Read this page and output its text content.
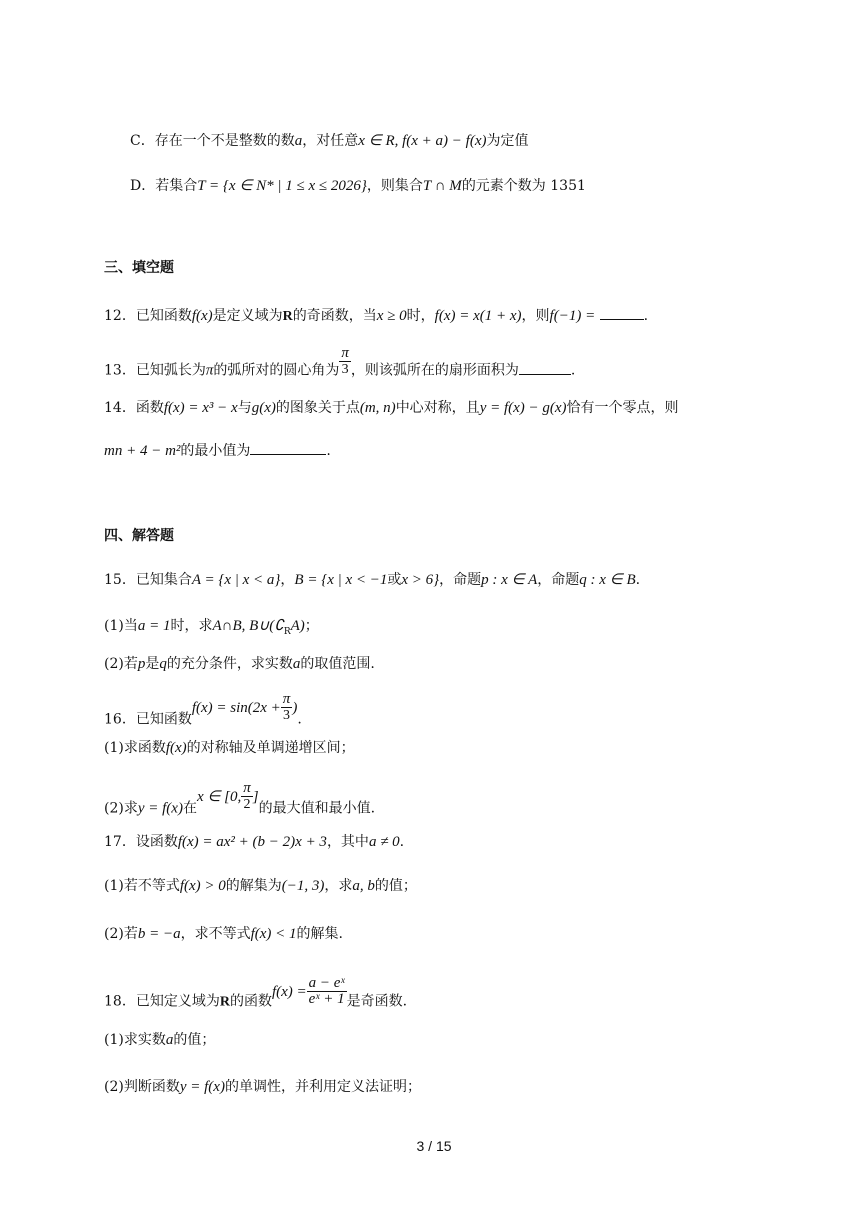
C．存在一个不是整数的数a，对任意x ∈ R, f(x + a) − f(x)为定值
D．若集合T = {x ∈ N* | 1 ≤ x ≤ 2026}，则集合T ∩ M的元素个数为 1351
三、填空题
12．已知函数f(x)是定义域为R的奇函数，当x ≥ 0时，f(x) = x(1 + x)，则f(−1) =	.
13．已知弧长为π的弧所对的圆心角为 $\frac{\pi}{3}$ ，则该弧所在的扇形面积为	.
14．函数f(x) = x³ − x与g(x)的图象关于点(m, n)中心对称，且y = f(x) − g(x)恰有一个零点，则
mn + 4 − m²的最小值为	.
四、解答题
15．已知集合A = {x | x < a}，B = {x | x < −1或x > 6}，命题p : x ∈ A，命题q : x ∈ B.
(1)当a = 1时，求A∩B, $B\cup(∁_RA)$；
(2)若p是q的充分条件，求实数a的取值范围.
16．已知函数$f(x) = \sin(2x + \frac{\pi}{3}$ ).
(1)求函数f(x)的对称轴及单调递增区间；
(2)求y = f(x)在x ∈ [0, $\frac{\pi}{2}$ ]的最大值和最小值.
17．设函数f(x) = ax² + (b − 2)x + 3，其中a ≠ 0.
(1)若不等式f(x) > 0的解集为(−1, 3)，求a, b的值；
(2)若b = −a，求不等式f(x) < 1的解集.
18．已知定义域为R的函数$f(x) = \frac{\text{a − eˣ}}{\text{eˣ + 1}}$ 是奇函数.
(1)求实数a的值；
(2)判断函数y = f(x)的单调性，并利用定义法证明；
3 / 15
